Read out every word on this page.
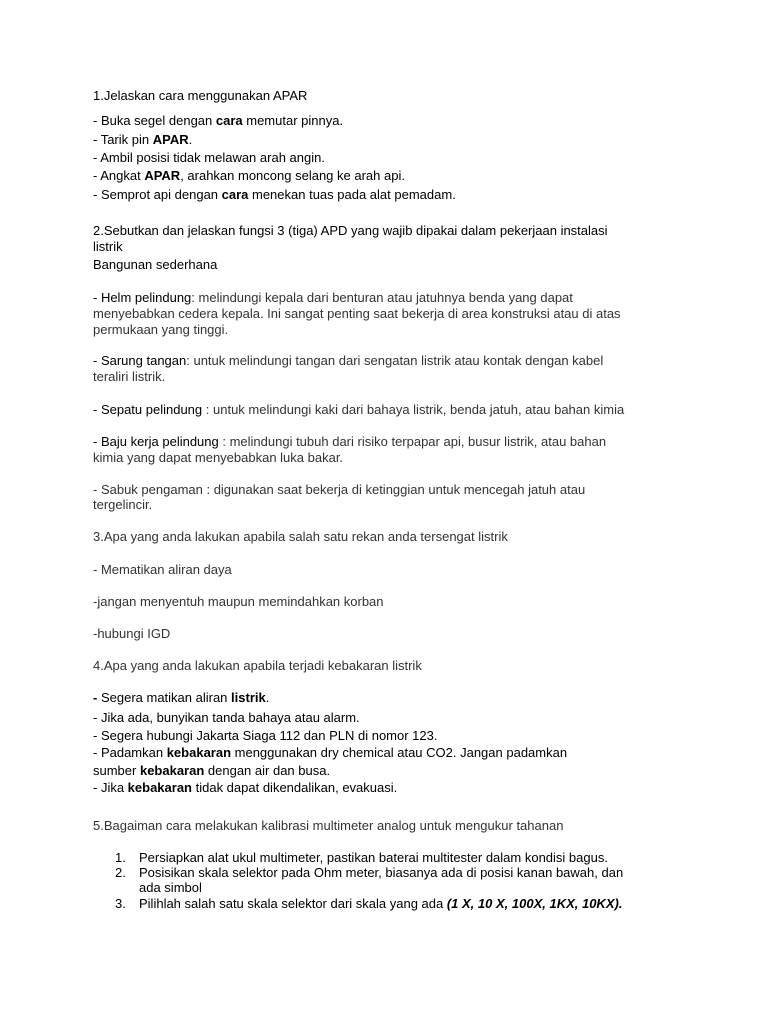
1.Jelaskan cara menggunakan APAR
- Buka segel dengan cara memutar pinnya.
- Tarik pin APAR.
- Ambil posisi tidak melawan arah angin.
- Angkat APAR, arahkan moncong selang ke arah api.
- Semprot api dengan cara menekan tuas pada alat pemadam.
2.Sebutkan dan jelaskan fungsi 3 (tiga) APD yang wajib dipakai dalam pekerjaan instalasi
listrik
Bangunan sederhana
- Helm pelindung: melindungi kepala dari benturan atau jatuhnya benda yang dapat
menyebabkan cedera kepala. Ini sangat penting saat bekerja di area konstruksi atau di atas
permukaan yang tinggi.
- Sarung tangan: untuk melindungi tangan dari sengatan listrik atau kontak dengan kabel
teraliri listrik.
- Sepatu pelindung : untuk melindungi kaki dari bahaya listrik, benda jatuh, atau bahan kimia
- Baju kerja pelindung : melindungi tubuh dari risiko terpapar api, busur listrik, atau bahan
kimia yang dapat menyebabkan luka bakar.
- Sabuk pengaman : digunakan saat bekerja di ketinggian untuk mencegah jatuh atau
tergelincir.
3.Apa yang anda lakukan apabila salah satu rekan anda tersengat listrik
- Mematikan aliran daya
-jangan menyentuh maupun memindahkan korban
-hubungi IGD
4.Apa yang anda lakukan apabila terjadi kebakaran listrik
- Segera matikan aliran listrik.
- Jika ada, bunyikan tanda bahaya atau alarm.
- Segera hubungi Jakarta Siaga 112 dan PLN di nomor 123.
- Padamkan kebakaran menggunakan dry chemical atau CO2. Jangan padamkan
sumber kebakaran dengan air dan busa.
- Jika kebakaran tidak dapat dikendalikan, evakuasi.
5.Bagaiman cara melakukan kalibrasi multimeter analog untuk mengukur tahanan
1. Persiapkan alat ukul multimeter, pastikan baterai multitester dalam kondisi bagus.
2. Posisikan skala selektor pada Ohm meter, biasanya ada di posisi kanan bawah, dan
ada simbol
3. Pilihlah salah satu skala selektor dari skala yang ada (1 X, 10 X, 100X, 1KX, 10KX).
